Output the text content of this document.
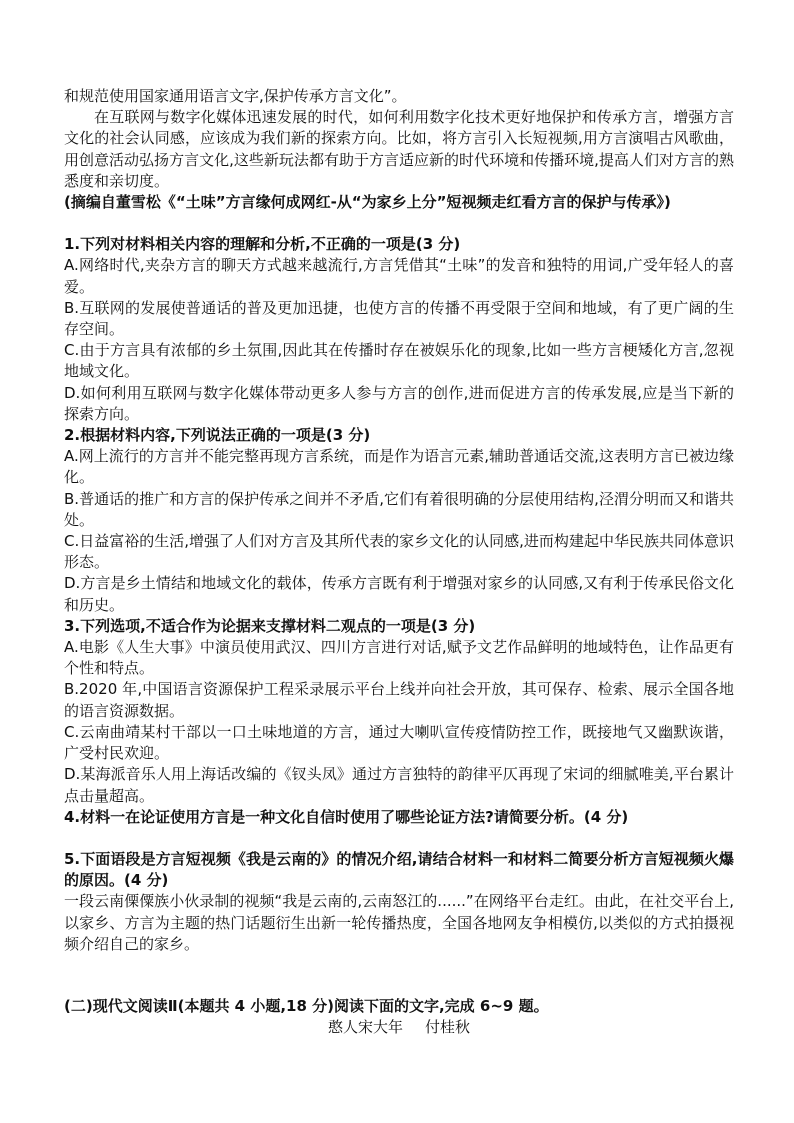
和规范使用国家通用语言文字,保护传承方言文化”。

在互联网与数字化媒体迅速发展的时代，如何利用数字化技术更好地保护和传承方言，增强方言文化的社会认同感，应该成为我们新的探索方向。比如，将方言引入长短视频,用方言演唱古风歌曲，用创意活动弘扬方言文化,这些新玩法都有助于方言适应新的时代环境和传播环境,提高人们对方言的熟悉度和亲切度。

(摘编自董雪松《“土味”方言缘何成网红-从“为家乡上分”短视频走红看方言的保护与传承》)

1.下列对材料相关内容的理解和分析,不正确的一项是(3 分)

A.网络时代,夹杂方言的聊天方式越来越流行,方言凭借其“土味”的发音和独特的用词,广受年轻人的喜爱。

B.互联网的发展使普通话的普及更加迅捷，也使方言的传播不再受限于空间和地域，有了更广阔的生存空间。

C.由于方言具有浓郁的乡土氛围,因此其在传播时存在被娱乐化的现象,比如一些方言梗矮化方言,忽视地域文化。

D.如何利用互联网与数字化媒体带动更多人参与方言的创作,进而促进方言的传承发展,应是当下新的探索方向。

2.根据材料内容,下列说法正确的一项是(3 分)

A.网上流行的方言并不能完整再现方言系统，而是作为语言元素,辅助普通话交流,这表明方言已被边缘化。

B.普通话的推广和方言的保护传承之间并不矛盾,它们有着很明确的分层使用结构,泾渭分明而又和谐共处。

C.日益富裕的生活,增强了人们对方言及其所代表的家乡文化的认同感,进而构建起中华民族共同体意识形态。

D.方言是乡土情结和地域文化的载体，传承方言既有利于增强对家乡的认同感,又有利于传承民俗文化和历史。

3.下列选项,不适合作为论据来支撑材料二观点的一项是(3 分)

A.电影《人生大事》中演员使用武汉、四川方言进行对话,赋予文艺作品鲜明的地域特色，让作品更有个性和特点。

B.2020 年,中国语言资源保护工程采录展示平台上线并向社会开放，其可保存、检索、展示全国各地的语言资源数据。

C.云南曲靖某村干部以一口土味地道的方言，通过大喇叭宣传疫情防控工作，既接地气又幽默诙谐，广受村民欢迎。

D.某海派音乐人用上海话改编的《钗头凤》通过方言独特的韵律平仄再现了宋词的细腻唯美,平台累计点击量超高。

4.材料一在论证使用方言是一种文化自信时使用了哪些论证方法?请简要分析。(4 分)

5.下面语段是方言短视频《我是云南的》的情况介绍,请结合材料一和材料二简要分析方言短视频火爆的原因。(4 分)

一段云南傈僳族小伙录制的视频“我是云南的,云南怒江的......”在网络平台走红。由此，在社交平台上, 以家乡、方言为主题的热门话题衍生出新一轮传播热度，全国各地网友争相模仿,以类似的方式拍摄视频介绍自己的家乡。

(二)现代文阅读Ⅱ(本题共 4 小题,18 分)阅读下面的文字,完成 6~9 题。

憨人宋大年 付桂秋
